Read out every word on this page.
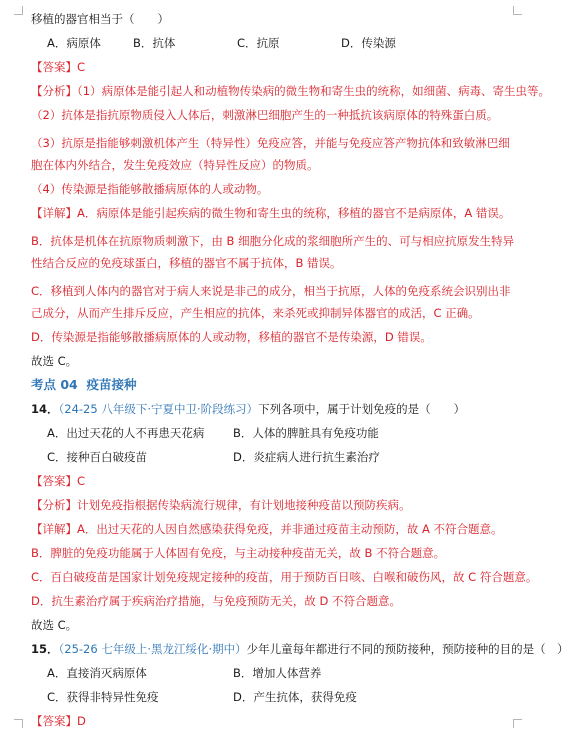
移植的器官相当于（　　）
A．病原体	B．抗体	C．抗原	D．传染源
【答案】C
【分析】（1）病原体是能引起人和动植物传染病的微生物和寄生虫的统称，如细菌、病毒、寄生虫等。
（2）抗体是指抗原物质侵入人体后，刺激淋巴细胞产生的一种抵抗该病原体的特殊蛋白质。
（3）抗原是指能够刺激机体产生（特异性）免疫应答，并能与免疫应答产物抗体和致敏淋巴细胞在体内外结合，发生免疫效应（特异性反应）的物质。
（4）传染源是指能够散播病原体的人或动物。
【详解】A．病原体是能引起疾病的微生物和寄生虫的统称，移植的器官不是病原体，A 错误。
B．抗体是机体在抗原物质刺激下，由 B 细胞分化成的浆细胞所产生的、可与相应抗原发生特异性结合反应的免疫球蛋白，移植的器官不属于抗体，B 错误。
C．移植到人体内的器官对于病人来说是非己的成分，相当于抗原，人体的免疫系统会识别出非己成分，从而产生排斥反应，产生相应的抗体，来杀死或抑制异体器官的成活，C 正确。
D．传染源是指能够散播病原体的人或动物，移植的器官不是传染源，D 错误。
故选 C。
考点 04 疫苗接种
14．（24-25 八年级下·宁夏中卫·阶段练习）下列各项中，属于计划免疫的是（　　）
A．出过天花的人不再患天花病	B．人体的脾脏具有免疫功能
C．接种百白破疫苗	D．炎症病人进行抗生素治疗
【答案】C
【分析】计划免疫指根据传染病流行规律，有计划地接种疫苗以预防疾病。
【详解】A．出过天花的人因自然感染获得免疫，并非通过疫苗主动预防，故 A 不符合题意。
B．脾脏的免疫功能属于人体固有免疫，与主动接种疫苗无关，故 B 不符合题意。
C．百白破疫苗是国家计划免疫规定接种的疫苗，用于预防百日咳、白喉和破伤风，故 C 符合题意。
D．抗生素治疗属于疾病治疗措施，与免疫预防无关，故 D 不符合题意。
故选 C。
15．（25-26 七年级上·黑龙江绥化·期中）少年儿童每年都进行不同的预防接种，预防接种的目的是（　）
A．直接消灭病原体	B．增加人体营养
C．获得非特异性免疫	D．产生抗体，获得免疫
【答案】D
